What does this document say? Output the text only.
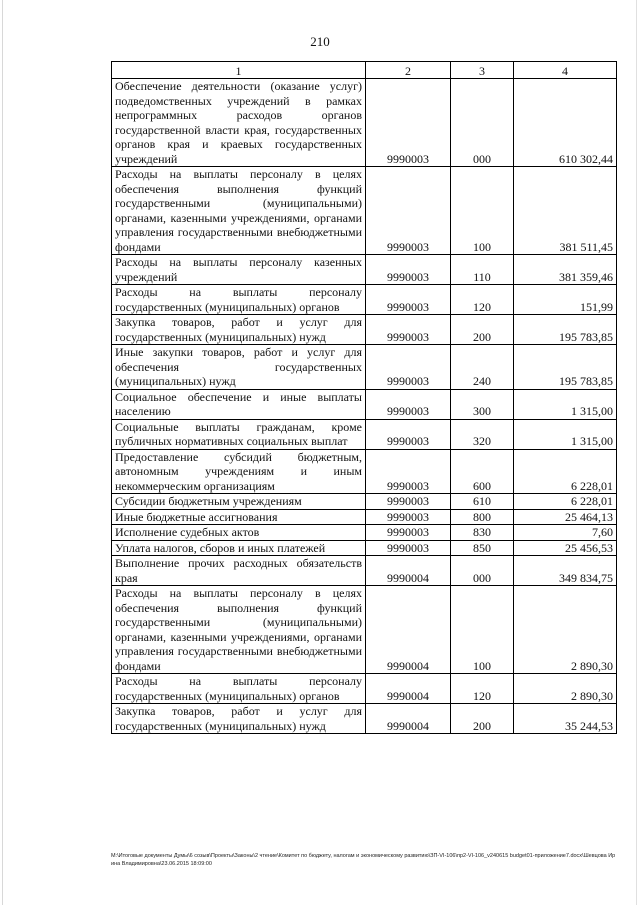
210
1	2	3	4
Обеспечение деятельности (оказание услуг) подведомственных учреждений в рамках непрограммных расходов органов государственной власти края, государственных органов края и краевых государственных учреждений	9990003	000	610 302,44
Расходы на выплаты персоналу в целях обеспечения выполнения функций государственными (муниципальными) органами, казенными учреждениями, органами управления государственными внебюджетными фондами	9990003	100	381 511,45
Расходы на выплаты персоналу казенных учреждений	9990003	110	381 359,46
Расходы на выплаты персоналу государственных (муниципальных) органов	9990003	120	151,99
Закупка товаров, работ и услуг для государственных (муниципальных) нужд	9990003	200	195 783,85
Иные закупки товаров, работ и услуг для обеспечения государственных (муниципальных) нужд	9990003	240	195 783,85
Социальное обеспечение и иные выплаты населению	9990003	300	1 315,00
Социальные выплаты гражданам, кроме публичных нормативных социальных выплат	9990003	320	1 315,00
Предоставление субсидий бюджетным, автономным учреждениям и иным некоммерческим организациям	9990003	600	6 228,01
Субсидии бюджетным учреждениям	9990003	610	6 228,01
Иные бюджетные ассигнования	9990003	800	25 464,13
Исполнение судебных актов	9990003	830	7,60
Уплата налогов, сборов и иных платежей	9990003	850	25 456,53
Выполнение прочих расходных обязательств края	9990004	000	349 834,75
Расходы на выплаты персоналу в целях обеспечения выполнения функций государственными (муниципальными) органами, казенными учреждениями, органами управления государственными внебюджетными фондами	9990004	100	2 890,30
Расходы на выплаты персоналу государственных (муниципальных) органов	9990004	120	2 890,30
Закупка товаров, работ и услуг для государственных (муниципальных) нужд	9990004	200	35 244,53
M:\Итоговые документы Думы\6 созыв\Проекты\Законы\2 чтение\Комитет по бюджету, налогам и экономическому развитию\ЗП-VI-106\пр2-VI-106_v240615 budget01-приложение7.docx\Шевцова Ирина Владимировна\23.06.2015 18:09:00
